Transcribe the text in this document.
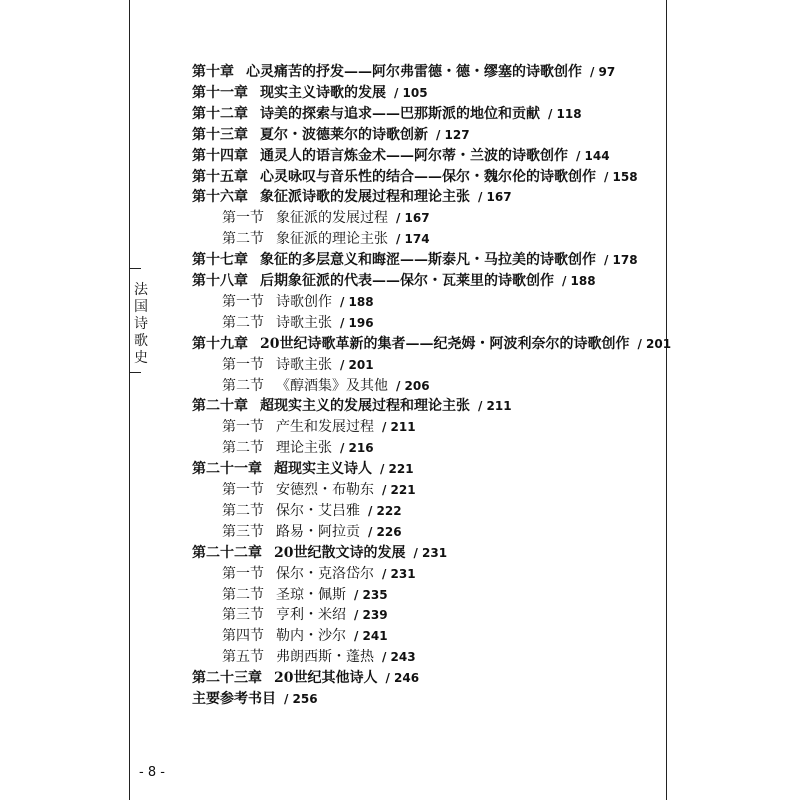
法国诗歌史
第十章 心灵痛苦的抒发——阿尔弗雷德・德・缪塞的诗歌创作 / 97
第十一章 现实主义诗歌的发展 / 105
第十二章 诗美的探索与追求——巴那斯派的地位和贡献 / 118
第十三章 夏尔・波德莱尔的诗歌创新 / 127
第十四章 通灵人的语言炼金术——阿尔蒂・兰波的诗歌创作 / 144
第十五章 心灵咏叹与音乐性的结合——保尔・魏尔伦的诗歌创作 / 158
第十六章 象征派诗歌的发展过程和理论主张 / 167
第一节 象征派的发展过程 / 167
第二节 象征派的理论主张 / 174
第十七章 象征的多层意义和晦涩——斯泰凡・马拉美的诗歌创作 / 178
第十八章 后期象征派的代表——保尔・瓦莱里的诗歌创作 / 188
第一节 诗歌创作 / 188
第二节 诗歌主张 / 196
第十九章 20世纪诗歌革新的集者——纪尧姆・阿波利奈尔的诗歌创作 / 201
第一节 诗歌主张 / 201
第二节 《醇酒集》及其他 / 206
第二十章 超现实主义的发展过程和理论主张 / 211
第一节 产生和发展过程 / 211
第二节 理论主张 / 216
第二十一章 超现实主义诗人 / 221
第一节 安德烈・布勒东 / 221
第二节 保尔・艾吕雅 / 222
第三节 路易・阿拉贡 / 226
第二十二章 20世纪散文诗的发展 / 231
第一节 保尔・克洛岱尔 / 231
第二节 圣琼・佩斯 / 235
第三节 亨利・米绍 / 239
第四节 勒内・沙尔 / 241
第五节 弗朗西斯・蓬热 / 243
第二十三章 20世纪其他诗人 / 246
主要参考书目 / 256
- 8 -
